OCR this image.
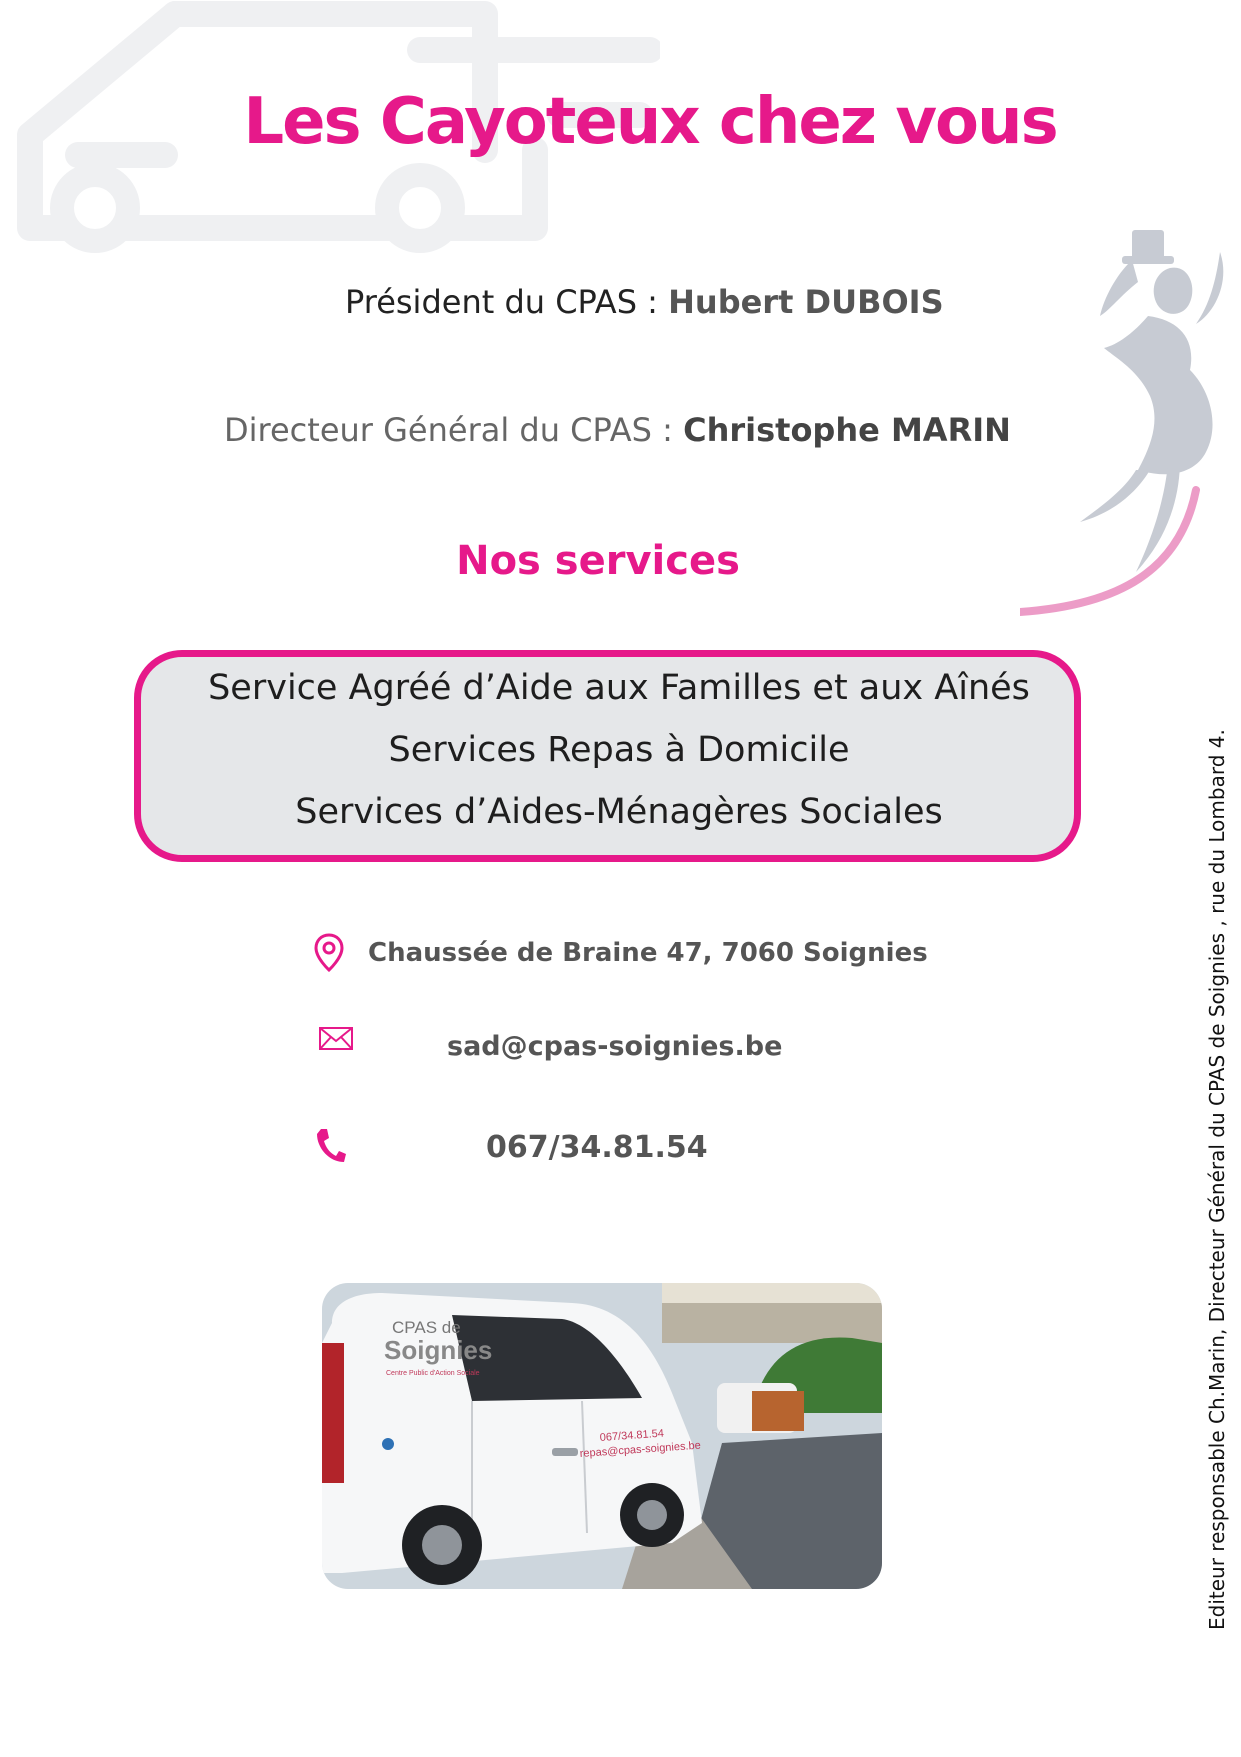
Les Cayoteux chez vous
Président du CPAS : Hubert DUBOIS
Directeur Général du CPAS : Christophe MARIN
Nos services
Service Agréé d’Aide aux Familles et aux Aînés
Services Repas à Domicile
Services d’Aides-Ménagères Sociales
Chaussée de Braine 47, 7060 Soignies
sad@cpas-soignies.be
067/34.81.54
CPAS de
Soignies
Centre Public d'Action Sociale
067/34.81.54
repas@cpas-soignies.be	Editeur responsable Ch.Marin, Directeur Général du CPAS de Soignies , rue du Lombard 4.
